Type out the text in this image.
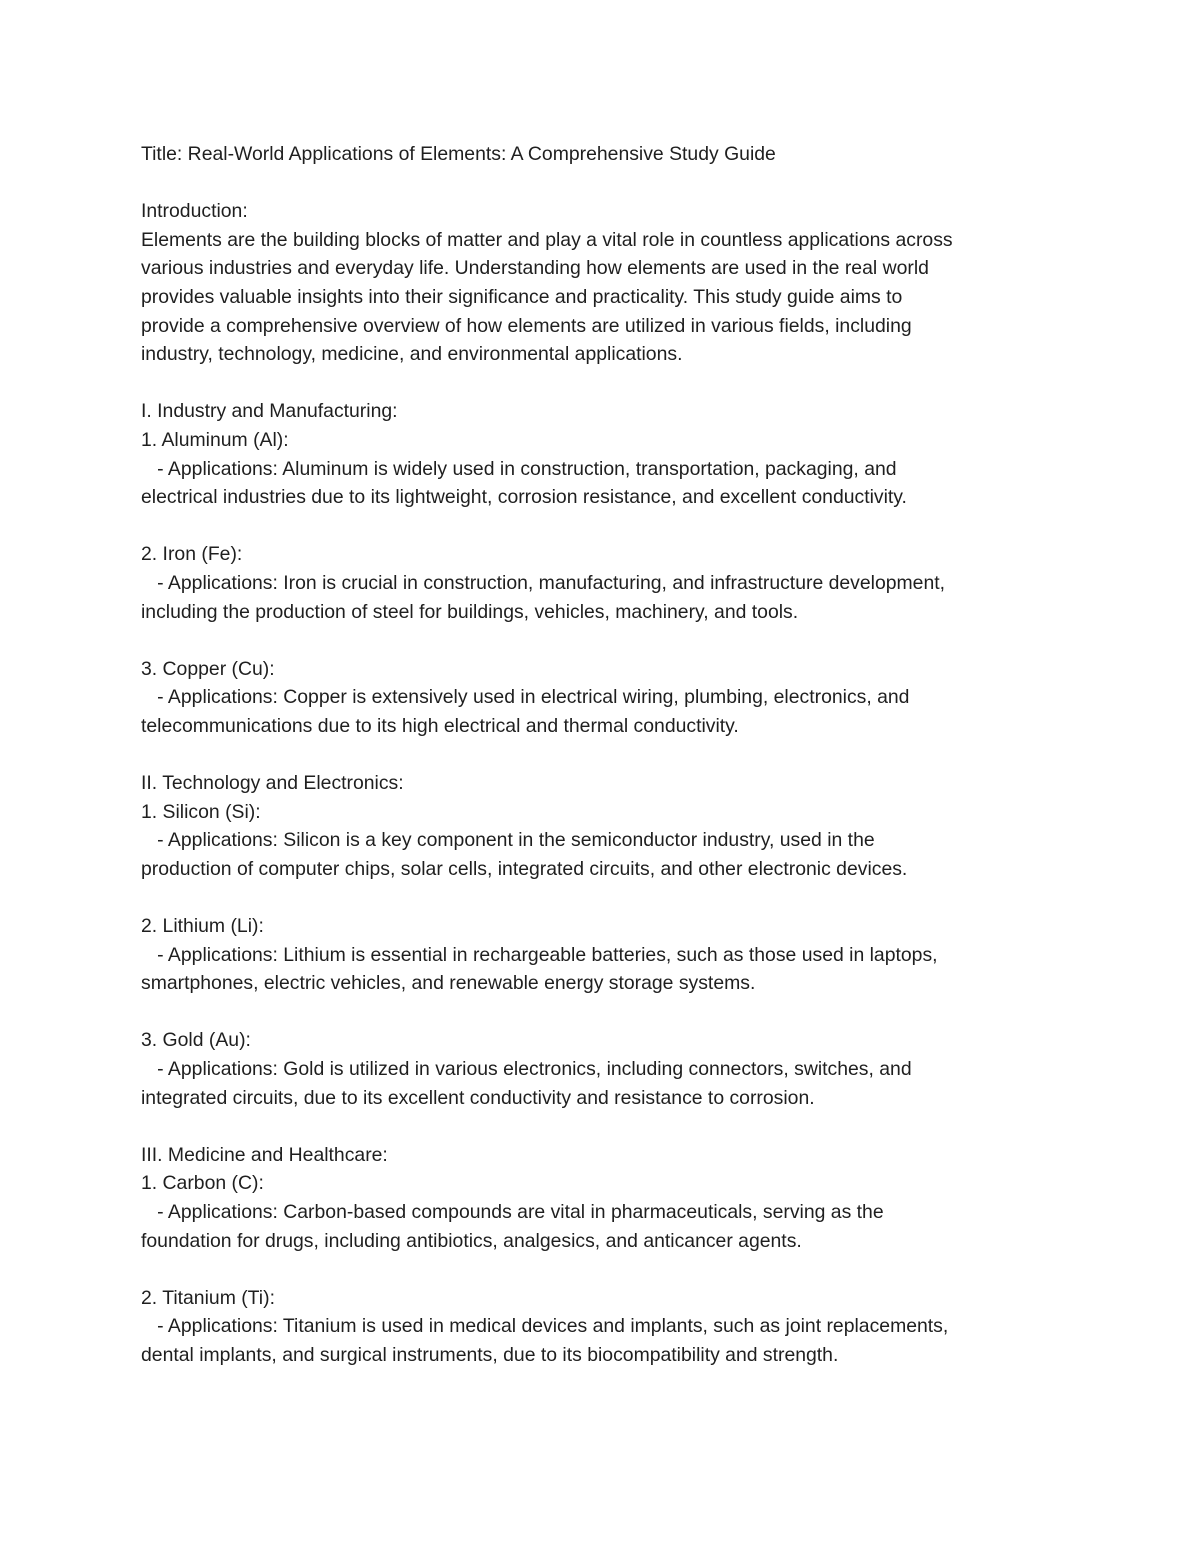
Title: Real-World Applications of Elements: A Comprehensive Study Guide
Introduction:
Elements are the building blocks of matter and play a vital role in countless applications across
various industries and everyday life. Understanding how elements are used in the real world
provides valuable insights into their significance and practicality. This study guide aims to
provide a comprehensive overview of how elements are utilized in various fields, including
industry, technology, medicine, and environmental applications.
I. Industry and Manufacturing:
1. Aluminum (Al):
- Applications: Aluminum is widely used in construction, transportation, packaging, and
electrical industries due to its lightweight, corrosion resistance, and excellent conductivity.
2. Iron (Fe):
- Applications: Iron is crucial in construction, manufacturing, and infrastructure development,
including the production of steel for buildings, vehicles, machinery, and tools.
3. Copper (Cu):
- Applications: Copper is extensively used in electrical wiring, plumbing, electronics, and
telecommunications due to its high electrical and thermal conductivity.
II. Technology and Electronics:
1. Silicon (Si):
- Applications: Silicon is a key component in the semiconductor industry, used in the
production of computer chips, solar cells, integrated circuits, and other electronic devices.
2. Lithium (Li):
- Applications: Lithium is essential in rechargeable batteries, such as those used in laptops,
smartphones, electric vehicles, and renewable energy storage systems.
3. Gold (Au):
- Applications: Gold is utilized in various electronics, including connectors, switches, and
integrated circuits, due to its excellent conductivity and resistance to corrosion.
III. Medicine and Healthcare:
1. Carbon (C):
- Applications: Carbon-based compounds are vital in pharmaceuticals, serving as the
foundation for drugs, including antibiotics, analgesics, and anticancer agents.
2. Titanium (Ti):
- Applications: Titanium is used in medical devices and implants, such as joint replacements,
dental implants, and surgical instruments, due to its biocompatibility and strength.
